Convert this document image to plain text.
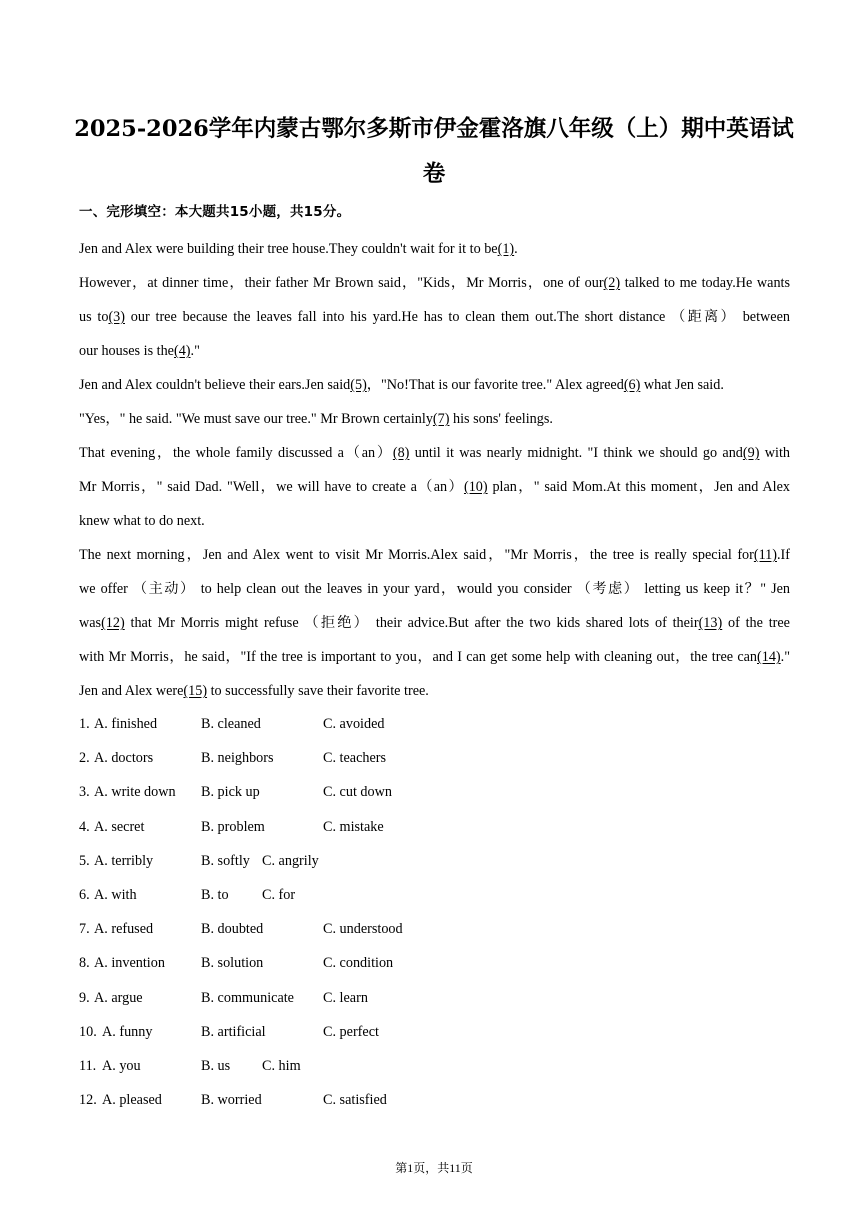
2025-2026学年内蒙古鄂尔多斯市伊金霍洛旗八年级（上）期中英语试
卷
一、完形填空：本大题共15小题，共15分。
Jen and Alex were building their tree house.They couldn't wait for it to be(1).
However，at dinner time，their father Mr Brown said，"Kids，Mr Morris，one of our(2) talked to me today.He wants
us to(3) our tree because the leaves fall into his yard.He has to clean them out.The short distance （距离） between
our houses is the(4)."
Jen and Alex couldn't believe their ears.Jen said(5)，"No!That is our favorite tree." Alex agreed(6) what Jen said.
"Yes，" he said. "We must save our tree." Mr Brown certainly(7) his sons' feelings.
That evening，the whole family discussed a（an）(8) until it was nearly midnight. "I think we should go and(9) with
Mr Morris，" said Dad. "Well，we will have to create a（an）(10) plan，" said Mom.At this moment，Jen and Alex
knew what to do next.
The next morning，Jen and Alex went to visit Mr Morris.Alex said，"Mr Morris，the tree is really special for(11).If
we offer （主动） to help clean out the leaves in your yard，would you consider （考虑） letting us keep it？" Jen
was(12) that Mr Morris might refuse （拒绝） their advice.But after the two kids shared lots of their(13) of the tree
with Mr Morris，he said，"If the tree is important to you，and I can get some help with cleaning out，the tree can(14)."
Jen and Alex were(15) to successfully save their favorite tree.
1. A. finished	B. cleaned	C. avoided
2. A. doctors	B. neighbors	C. teachers
3. A. write down B. pick up	C. cut down
4. A. secret	B. problem	C. mistake
5. A. terribly	B. softly C. angrily
6. A. with	B. to C. for
7. A. refused	B. doubted	C. understood
8. A. invention	B. solution	C. condition
9. A. argue	B. communicate C. learn
10. A. funny	B. artificial	C. perfect
11. A. you	B. us C. him
12. A. pleased	B. worried	C. satisfied
第1页，共11页
